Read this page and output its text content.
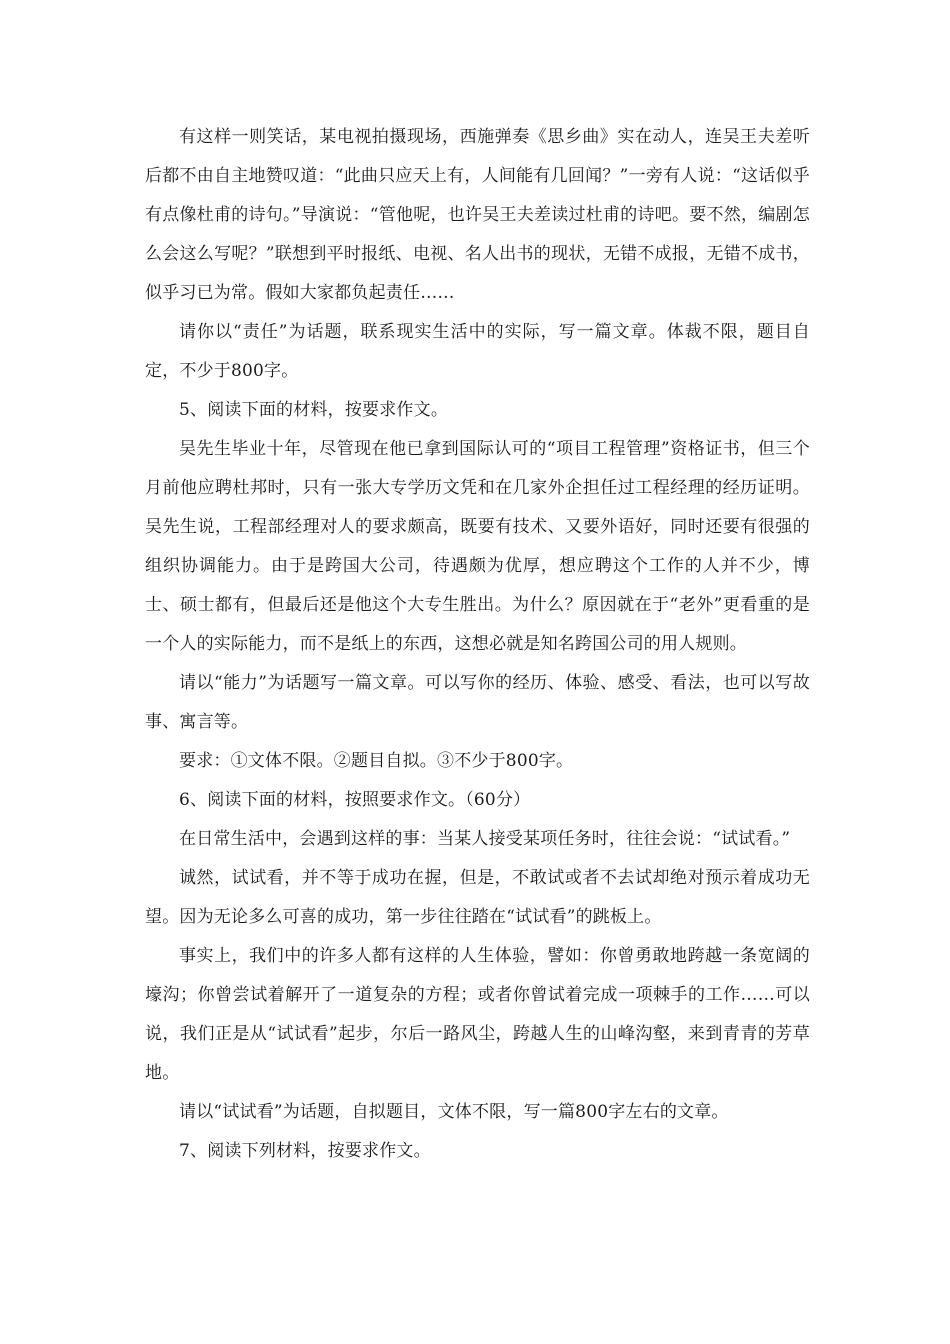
有这样一则笑话，某电视拍摄现场，西施弹奏《思乡曲》实在动人，连吴王夫差听后都不由自主地赞叹道：“此曲只应天上有，人间能有几回闻？”一旁有人说：“这话似乎有点像杜甫的诗句。”导演说：“管他呢，也许吴王夫差读过杜甫的诗吧。要不然，编剧怎么会这么写呢？”联想到平时报纸、电视、名人出书的现状，无错不成报，无错不成书，似乎习已为常。假如大家都负起责任……

请你以“责任”为话题，联系现实生活中的实际，写一篇文章。体裁不限，题目自定，不少于800字。

5、阅读下面的材料，按要求作文。

吴先生毕业十年，尽管现在他已拿到国际认可的“项目工程管理”资格证书，但三个月前他应聘杜邦时，只有一张大专学历文凭和在几家外企担任过工程经理的经历证明。吴先生说，工程部经理对人的要求颇高，既要有技术、又要外语好，同时还要有很强的组织协调能力。由于是跨国大公司，待遇颇为优厚，想应聘这个工作的人并不少，博士、硕士都有，但最后还是他这个大专生胜出。为什么？原因就在于“老外”更看重的是一个人的实际能力，而不是纸上的东西，这想必就是知名跨国公司的用人规则。

请以“能力”为话题写一篇文章。可以写你的经历、体验、感受、看法，也可以写故事、寓言等。

要求：①文体不限。②题目自拟。③不少于800字。

6、阅读下面的材料，按照要求作文。（60分）

在日常生活中，会遇到这样的事：当某人接受某项任务时，往往会说：“试试看。”

诚然，试试看，并不等于成功在握，但是，不敢试或者不去试却绝对预示着成功无望。因为无论多么可喜的成功，第一步往往踏在“试试看”的跳板上。

事实上，我们中的许多人都有这样的人生体验，譬如：你曾勇敢地跨越一条宽阔的壕沟；你曾尝试着解开了一道复杂的方程；或者你曾试着完成一项棘手的工作……可以说，我们正是从“试试看”起步，尔后一路风尘，跨越人生的山峰沟壑，来到青青的芳草地。

请以“试试看”为话题，自拟题目，文体不限，写一篇800字左右的文章。

7、阅读下列材料，按要求作文。
